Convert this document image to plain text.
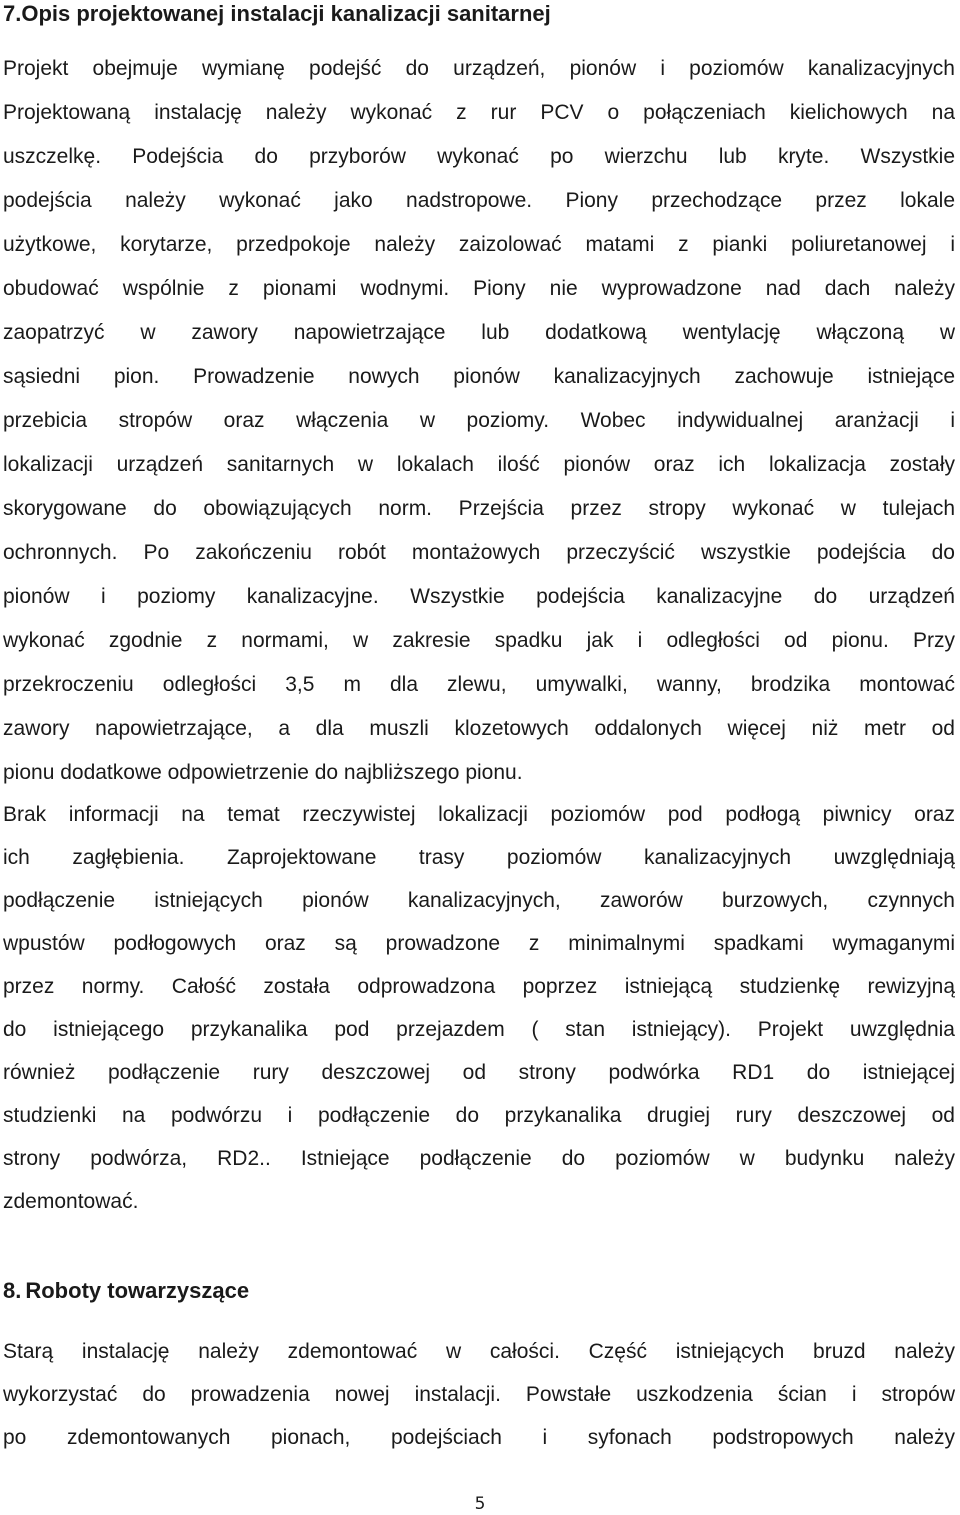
7.Opis projektowanej instalacji kanalizacji sanitarnej
Projekt obejmuje wymianę podejść do urządzeń, pionów i poziomów kanalizacyjnych
Projektowaną instalację należy wykonać z rur PCV o połączeniach kielichowych na
uszczelkę. Podejścia do przyborów wykonać po wierzchu lub kryte. Wszystkie
podejścia należy wykonać jako nadstropowe. Piony przechodzące przez lokale
użytkowe, korytarze, przedpokoje należy zaizolować matami z pianki poliuretanowej i
obudować wspólnie z pionami wodnymi. Piony nie wyprowadzone nad dach należy
zaopatrzyć w zawory napowietrzające lub dodatkową wentylację włączoną w
sąsiedni pion. Prowadzenie nowych pionów kanalizacyjnych zachowuje istniejące
przebicia stropów oraz włączenia w poziomy. Wobec indywidualnej aranżacji i
lokalizacji urządzeń sanitarnych w lokalach ilość pionów oraz ich lokalizacja zostały
skorygowane do obowiązujących norm. Przejścia przez stropy wykonać w tulejach
ochronnych. Po zakończeniu robót montażowych przeczyścić wszystkie podejścia do
pionów i poziomy kanalizacyjne. Wszystkie podejścia kanalizacyjne do urządzeń
wykonać zgodnie z normami, w zakresie spadku jak i odległości od pionu. Przy
przekroczeniu odległości 3,5 m dla zlewu, umywalki, wanny, brodzika montować
zawory napowietrzające, a dla muszli klozetowych oddalonych więcej niż metr od
pionu dodatkowe odpowietrzenie do najbliższego pionu.
Brak informacji na temat rzeczywistej lokalizacji poziomów pod podłogą piwnicy oraz
ich zagłębienia. Zaprojektowane trasy poziomów kanalizacyjnych uwzględniają
podłączenie istniejących pionów kanalizacyjnych, zaworów burzowych, czynnych
wpustów podłogowych oraz są prowadzone z minimalnymi spadkami wymaganymi
przez normy. Całość została odprowadzona poprzez istniejącą studzienkę rewizyjną
do istniejącego przykanalika pod przejazdem ( stan istniejący). Projekt uwzględnia
również podłączenie rury deszczowej od strony podwórka RD1 do istniejącej
studzienki na podwórzu i podłączenie do przykanalika drugiej rury deszczowej od
strony podwórza, RD2.. Istniejące podłączenie do poziomów w budynku należy
zdemontować.
8. Roboty towarzyszące
Starą instalację należy zdemontować w całości. Część istniejących bruzd należy
wykorzystać do prowadzenia nowej instalacji. Powstałe uszkodzenia ścian i stropów
po zdemontowanych pionach, podejściach i syfonach podstropowych należy
5
